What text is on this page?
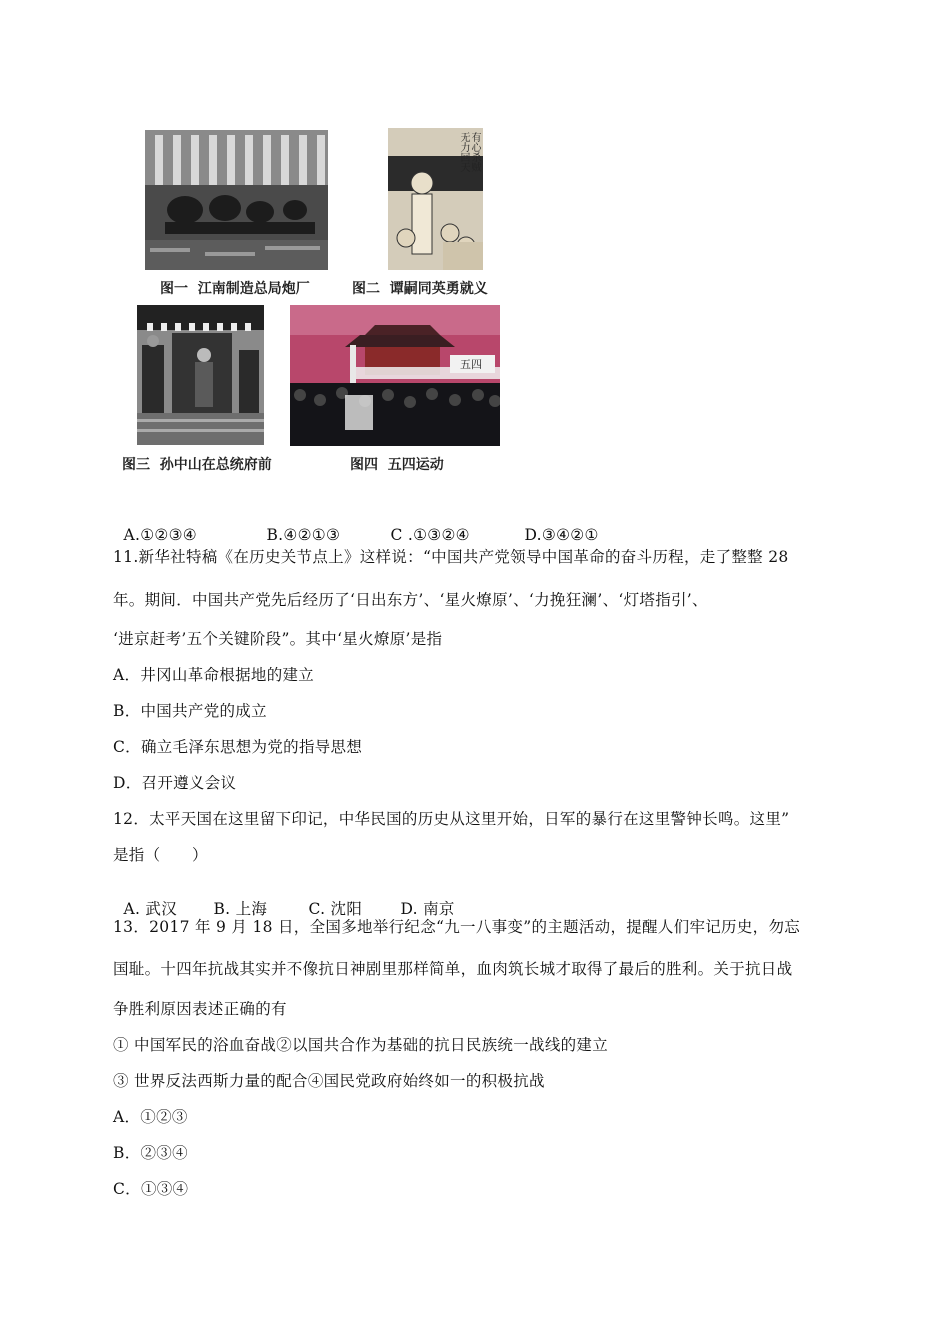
图一  江南制造总局炮厂
有心杀贼 无力回天
图二  谭嗣同英勇就义
图三  孙中山在总统府前
五四
图四  五四运动

A.①②③④	B.④②①③	C .①③②④	D.③④②①

11.新华社特稿《在历史关节点上》这样说：“中国共产党领导中国革命的奋斗历程，走了整整 28
年。期间．中国共产党先后经历了‘日出东方’、‘星火燎原’、‘力挽狂澜’、‘灯塔指引’、
‘进京赶考’五个关键阶段”。其中‘星火燎原’是指
A．井冈山革命根据地的建立
B．中国共产党的成立
C．确立毛泽东思想为党的指导思想
D．召开遵义会议
12．太平天国在这里留下印记，中华民国的历史从这里开始，日军的暴行在这里警钟长鸣。这里”
是指（　　）

A. 武汉 B. 上海	C. 沈阳 D. 南京

13．2017 年 9 月 18 日，全国多地举行纪念“九一八事变”的主题活动，提醒人们牢记历史，勿忘
国耻。十四年抗战其实并不像抗日神剧里那样简单，血肉筑长城才取得了最后的胜利。关于抗日战
争胜利原因表述正确的有
① 中国军民的浴血奋战②以国共合作为基础的抗日民族统一战线的建立
③ 世界反法西斯力量的配合④国民党政府始终如一的积极抗战
A．①②③
B．②③④
C．①③④
